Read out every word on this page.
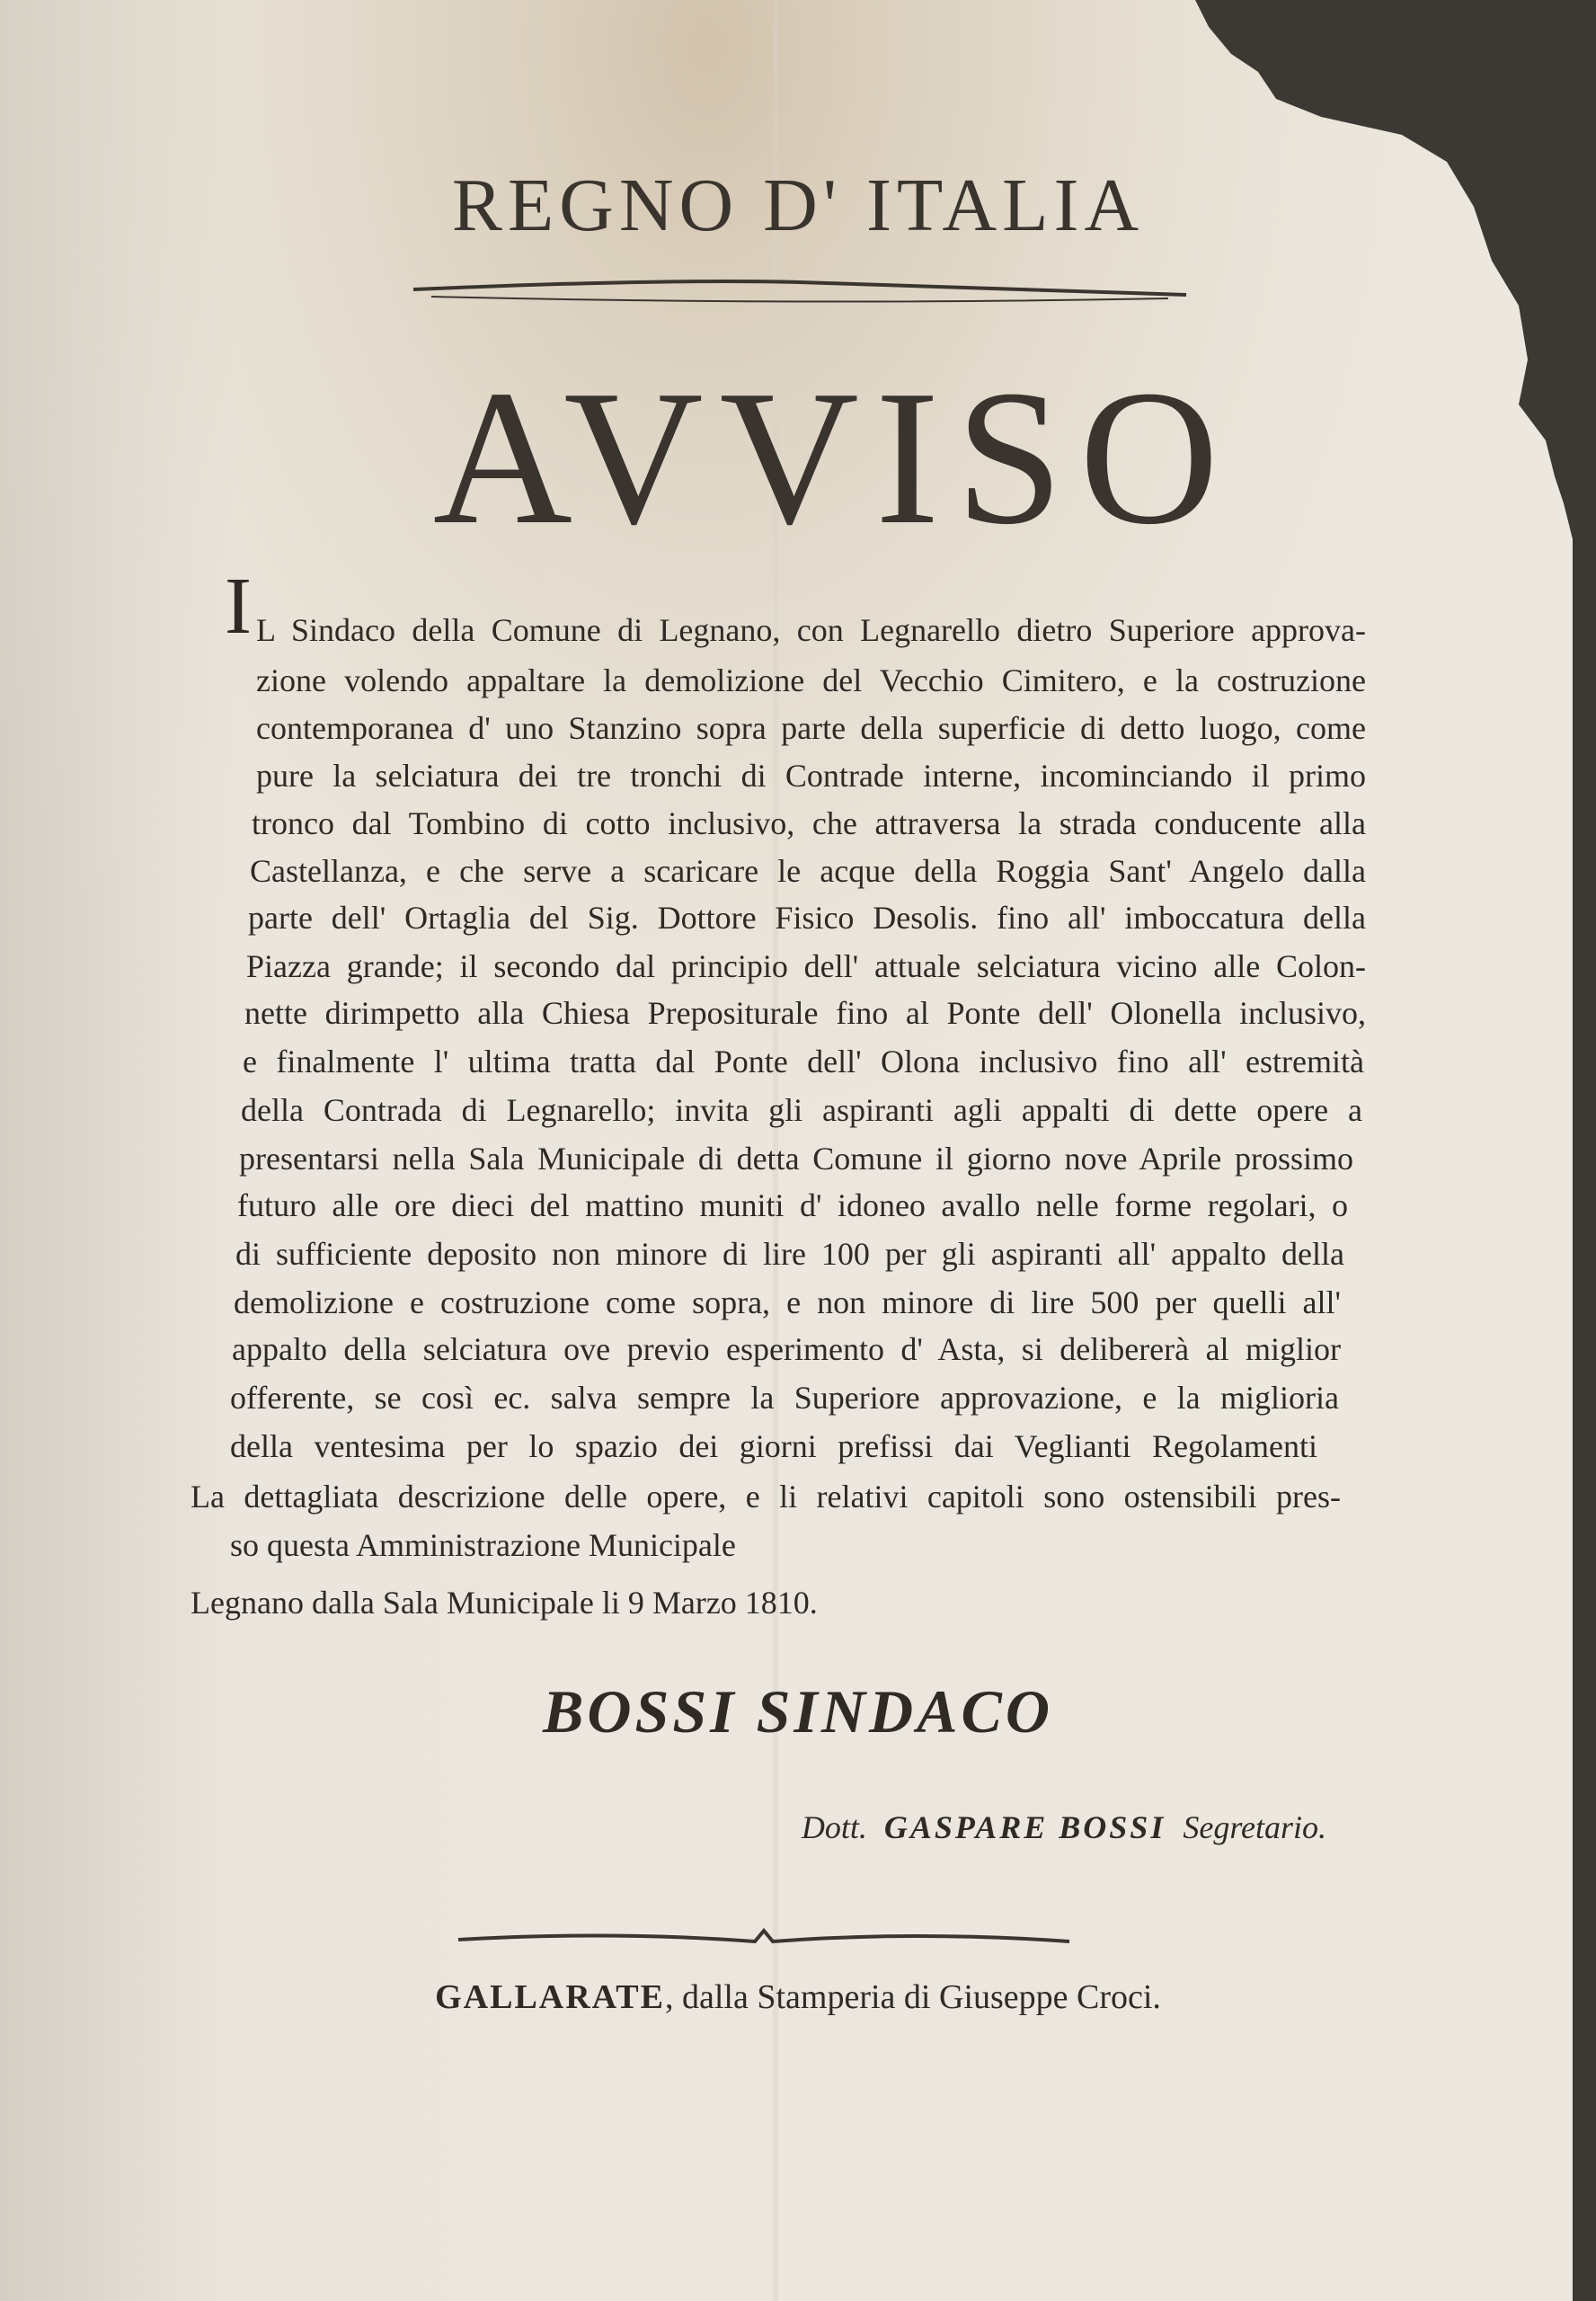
REGNO D' ITALIA
AVVISO
I L Sindaco della Comune di Legnano, con Legnarello dietro Superiore approva-
zione volendo appaltare la demolizione del Vecchio Cimitero, e la costruzione
contemporanea d' uno Stanzino sopra parte della superficie di detto luogo, come
pure la selciatura dei tre tronchi di Contrade interne, incominciando il primo
tronco dal Tombino di cotto inclusivo, che attraversa la strada conducente alla
Castellanza, e che serve a scaricare le acque della Roggia Sant' Angelo dalla
parte dell' Ortaglia del Sig. Dottore Fisico Desolis. fino all' imboccatura della
Piazza grande; il secondo dal principio dell' attuale selciatura vicino alle Colon-
nette dirimpetto alla Chiesa Prepositurale fino al Ponte dell' Olonella inclusivo,
e finalmente l' ultima tratta dal Ponte dell' Olona inclusivo fino all' estremità
della Contrada di Legnarello; invita gli aspiranti agli appalti di dette opere a
presentarsi nella Sala Municipale di detta Comune il giorno nove Aprile prossimo
futuro alle ore dieci del mattino muniti d' idoneo avallo nelle forme regolari, o
di sufficiente deposito non minore di lire 100 per gli aspiranti all' appalto della
demolizione e costruzione come sopra, e non minore di lire 500 per quelli all'
appalto della selciatura ove previo esperimento d' Asta, si delibererà al miglior
offerente, se così ec. salva sempre la Superiore approvazione, e la miglioria
della ventesima per lo spazio dei giorni prefissi dai Veglianti Regolamenti
La dettagliata descrizione delle opere, e li relativi capitoli sono ostensibili pres-
so questa Amministrazione Municipale
Legnano dalla Sala Municipale li 9 Marzo 1810.
BOSSI SINDACO
Dott. GASPARE BOSSI Segretario.
GALLARATE, dalla Stamperia di Giuseppe Croci.
